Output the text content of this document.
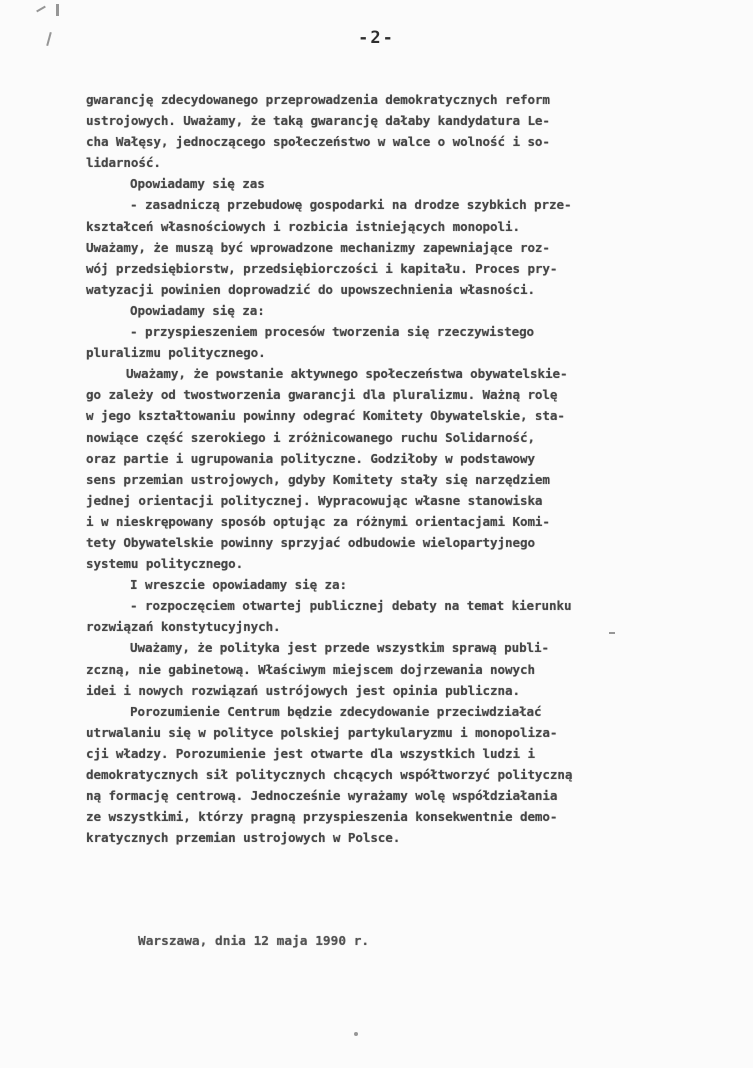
-2-
gwarancję zdecydowanego przeprowadzenia demokratycznych reform
ustrojowych. Uważamy, że taką gwarancję dałaby kandydatura Le-
cha Wałęsy, jednoczącego społeczeństwo w walce o wolność i so-
lidarność.
Opowiadamy się zas
- zasadniczą przebudowę gospodarki na drodze szybkich prze-
kształceń własnościowych i rozbicia istniejących monopoli.
Uważamy, że muszą być wprowadzone mechanizmy zapewniające roz-
wój przedsiębiorstw, przedsiębiorczości i kapitału. Proces pry-
watyzacji powinien doprowadzić do upowszechnienia własności.
Opowiadamy się za:
- przyspieszeniem procesów tworzenia się rzeczywistego
pluralizmu politycznego.
Uważamy, że powstanie aktywnego społeczeństwa obywatelskie-
go zależy od twostworzenia gwarancji dla pluralizmu. Ważną rolę
w jego kształtowaniu powinny odegrać Komitety Obywatelskie, sta-
nowiące część szerokiego i zróżnicowanego ruchu Solidarność,
oraz partie i ugrupowania polityczne. Godziłoby w podstawowy
sens przemian ustrojowych, gdyby Komitety stały się narzędziem
jednej orientacji politycznej. Wypracowując własne stanowiska
i w nieskrępowany sposób optując za różnymi orientacjami Komi-
tety Obywatelskie powinny sprzyjać odbudowie wielopartyjnego
systemu politycznego.
I wreszcie opowiadamy się za:
- rozpoczęciem otwartej publicznej debaty na temat kierunku
rozwiązań konstytucyjnych.
Uważamy, że polityka jest przede wszystkim sprawą publi-
zczną, nie gabinetową. Właściwym miejscem dojrzewania nowych
idei i nowych rozwiązań ustrójowych jest opinia publiczna.
Porozumienie Centrum będzie zdecydowanie przeciwdziałać
utrwalaniu się w polityce polskiej partykularyzmu i monopoliza-
cji władzy. Porozumienie jest otwarte dla wszystkich ludzi i
demokratycznych sił politycznych chcących współtworzyć polityczną
ną formację centrową. Jednocześnie wyrażamy wolę współdziałania
ze wszystkimi, którzy pragną przyspieszenia konsekwentnie demo-
kratycznych przemian ustrojowych w Polsce.
Warszawa, dnia 12 maja 1990 r.
